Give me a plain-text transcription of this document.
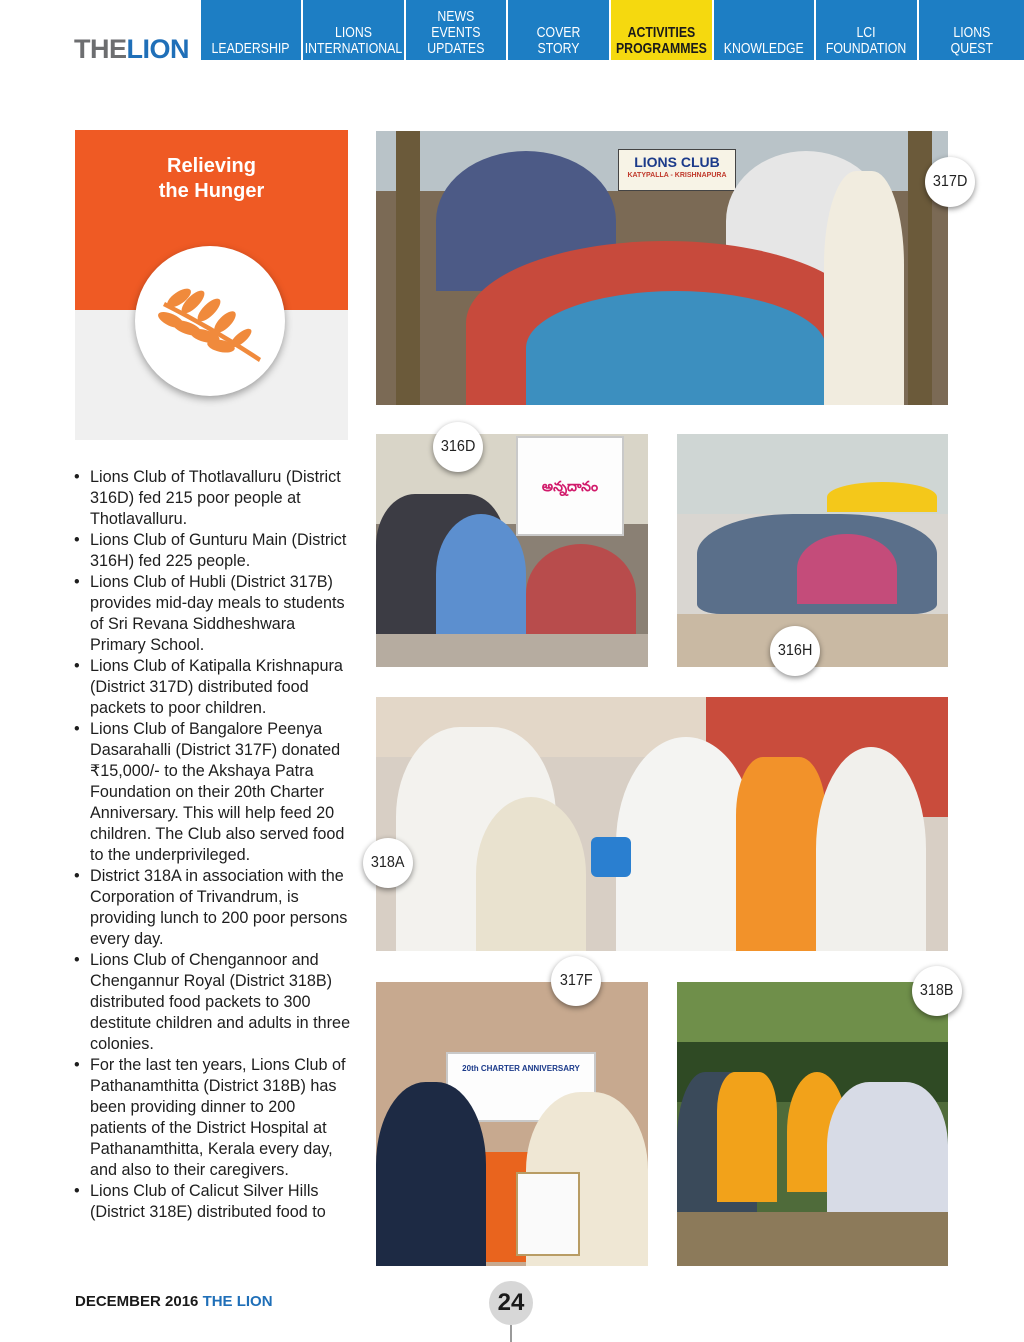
THELION LEADERSHIP
LIONS
INTERNATIONAL
NEWS
EVENTS
UPDATES
COVER STORY
ACTIVITIES
PROGRAMMES KNOWLEDGE
LCI
FOUNDATION
LIONS
QUEST
Relieving
the Hunger
• Lions Club of Thotlavalluru (District 316D) fed 215 poor people at Thotlavalluru.
• Lions Club of Gunturu Main (District 316H) fed 225 people.
• Lions Club of Hubli (District 317B) provides mid-day meals to students of Sri Revana Siddheshwara Primary School.
• Lions Club of Katipalla Krishnapura (District 317D) distributed food packets to poor children.
• Lions Club of Bangalore Peenya Dasarahalli (District 317F) donated ₹15,000/- to the Akshaya Patra Foundation on their 20th Charter Anniversary. This will help feed 20 children. The Club also served food to the underprivileged.
• District 318A in association with the Corporation of Trivandrum, is providing lunch to 200 poor persons every day.
• Lions Club of Chengannoor and Chengannur Royal (District 318B) distributed food packets to 300 destitute children and adults in three colonies.
• For the last ten years, Lions Club of Pathanamthitta (District 318B) has been providing dinner to 200 patients of the District Hospital at Pathanamthitta, Kerala every day, and also to their caregivers.
• Lions Club of Calicut Silver Hills (District 318E) distributed food to
LIONS CLUB
KATYPALLA - KRISHNAPURA	317D
అన్నదానం
316D
316H
318A
20th CHARTER ANNIVERSARY
317F
318B
DECEMBER 2016 THE LION	24
